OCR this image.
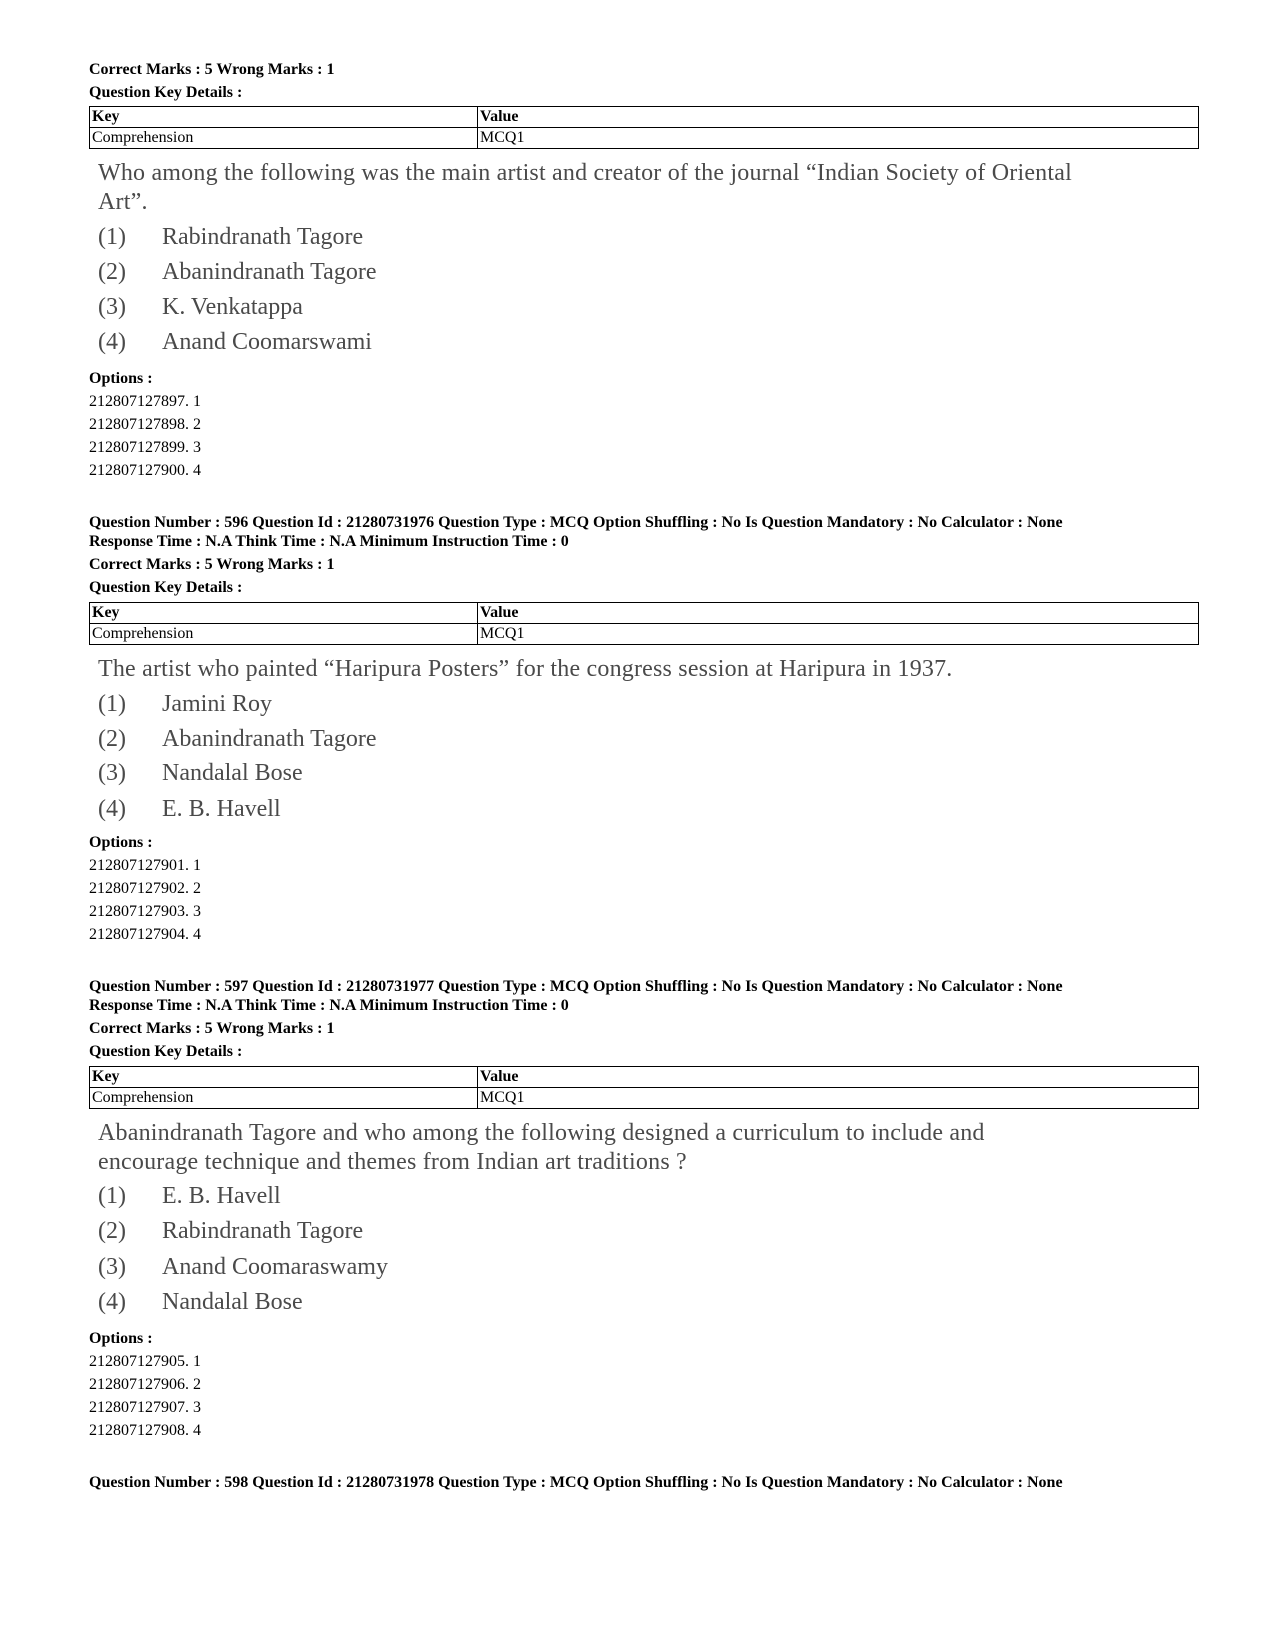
Correct Marks : 5 Wrong Marks : 1
Question Key Details :
Key	Value
Comprehension	MCQ1
Who among the following was the main artist and creator of the journal “Indian Society of Oriental
Art”.
(1) Rabindranath Tagore
(2) Abanindranath Tagore
(3) K. Venkatappa
(4) Anand Coomarswami
Options :
212807127897. 1
212807127898. 2
212807127899. 3
212807127900. 4
Question Number : 596 Question Id : 21280731976 Question Type : MCQ Option Shuffling : No Is Question Mandatory : No Calculator : None
Response Time : N.A Think Time : N.A Minimum Instruction Time : 0
Correct Marks : 5 Wrong Marks : 1
Question Key Details :
Key	Value
Comprehension	MCQ1
The artist who painted “Haripura Posters” for the congress session at Haripura in 1937.
(1) Jamini Roy
(2) Abanindranath Tagore
(3) Nandalal Bose
(4) E. B. Havell
Options :
212807127901. 1
212807127902. 2
212807127903. 3
212807127904. 4
Question Number : 597 Question Id : 21280731977 Question Type : MCQ Option Shuffling : No Is Question Mandatory : No Calculator : None
Response Time : N.A Think Time : N.A Minimum Instruction Time : 0
Correct Marks : 5 Wrong Marks : 1
Question Key Details :
Key	Value
Comprehension	MCQ1
Abanindranath Tagore and who among the following designed a curriculum to include and
encourage technique and themes from Indian art traditions ?
(1) E. B. Havell
(2) Rabindranath Tagore
(3) Anand Coomaraswamy
(4) Nandalal Bose
Options :
212807127905. 1
212807127906. 2
212807127907. 3
212807127908. 4
Question Number : 598 Question Id : 21280731978 Question Type : MCQ Option Shuffling : No Is Question Mandatory : No Calculator : None
